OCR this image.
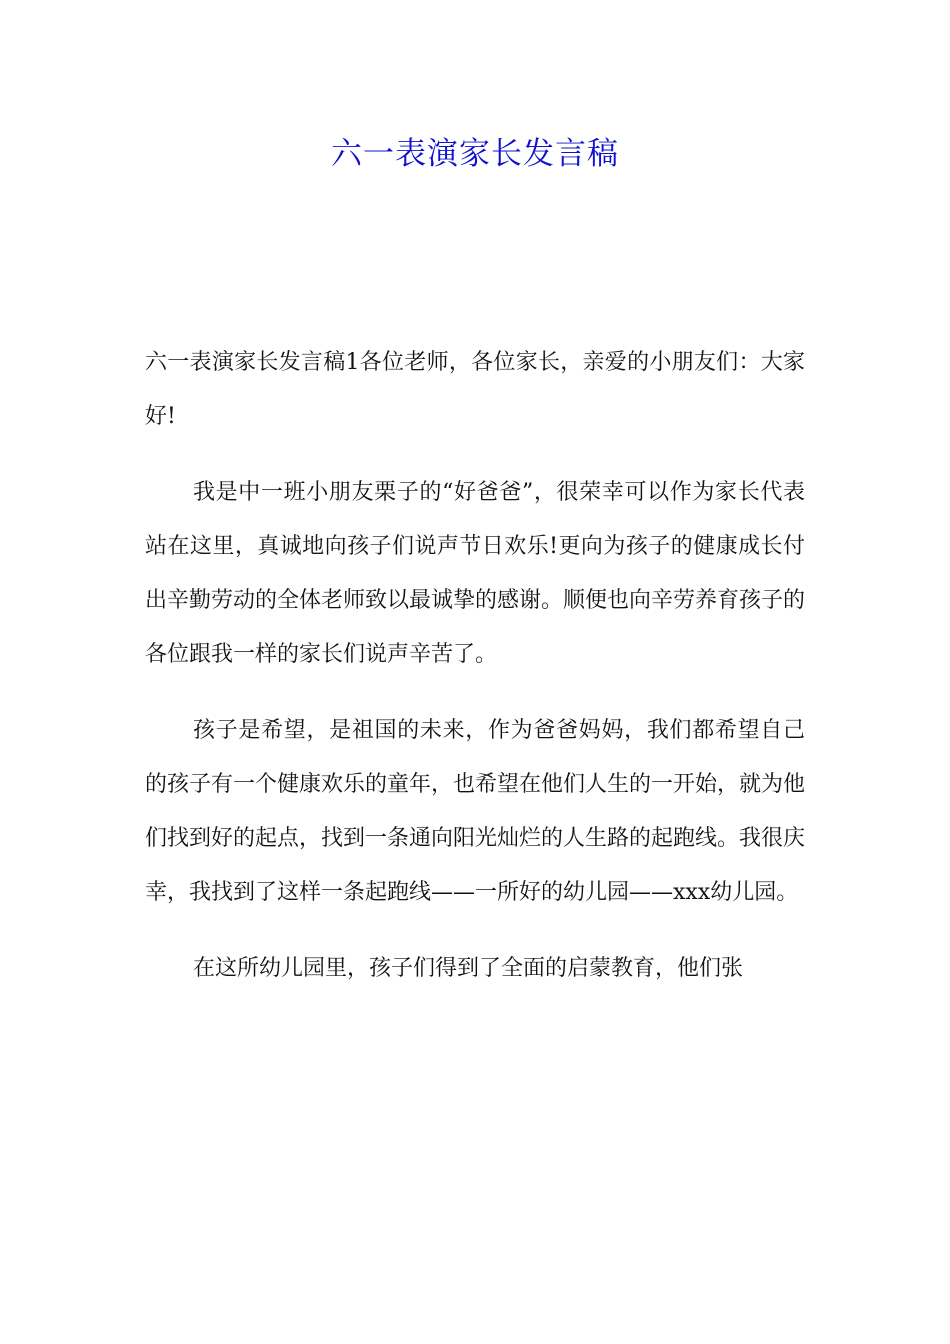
六一表演家长发言稿

六一表演家长发言稿1各位老师，各位家长，亲爱的小朋友们：大家好!

我是中一班小朋友栗子的“好爸爸”，很荣幸可以作为家长代表站在这里，真诚地向孩子们说声节日欢乐!更向为孩子的健康成长付出辛勤劳动的全体老师致以最诚挚的感谢。顺便也向辛劳养育孩子的各位跟我一样的家长们说声辛苦了。

孩子是希望，是祖国的未来，作为爸爸妈妈，我们都希望自己的孩子有一个健康欢乐的童年，也希望在他们人生的一开始，就为他们找到好的起点，找到一条通向阳光灿烂的人生路的起跑线。我很庆幸，我找到了这样一条起跑线——一所好的幼儿园——xxx幼儿园。

在这所幼儿园里，孩子们得到了全面的启蒙教育，他们张
